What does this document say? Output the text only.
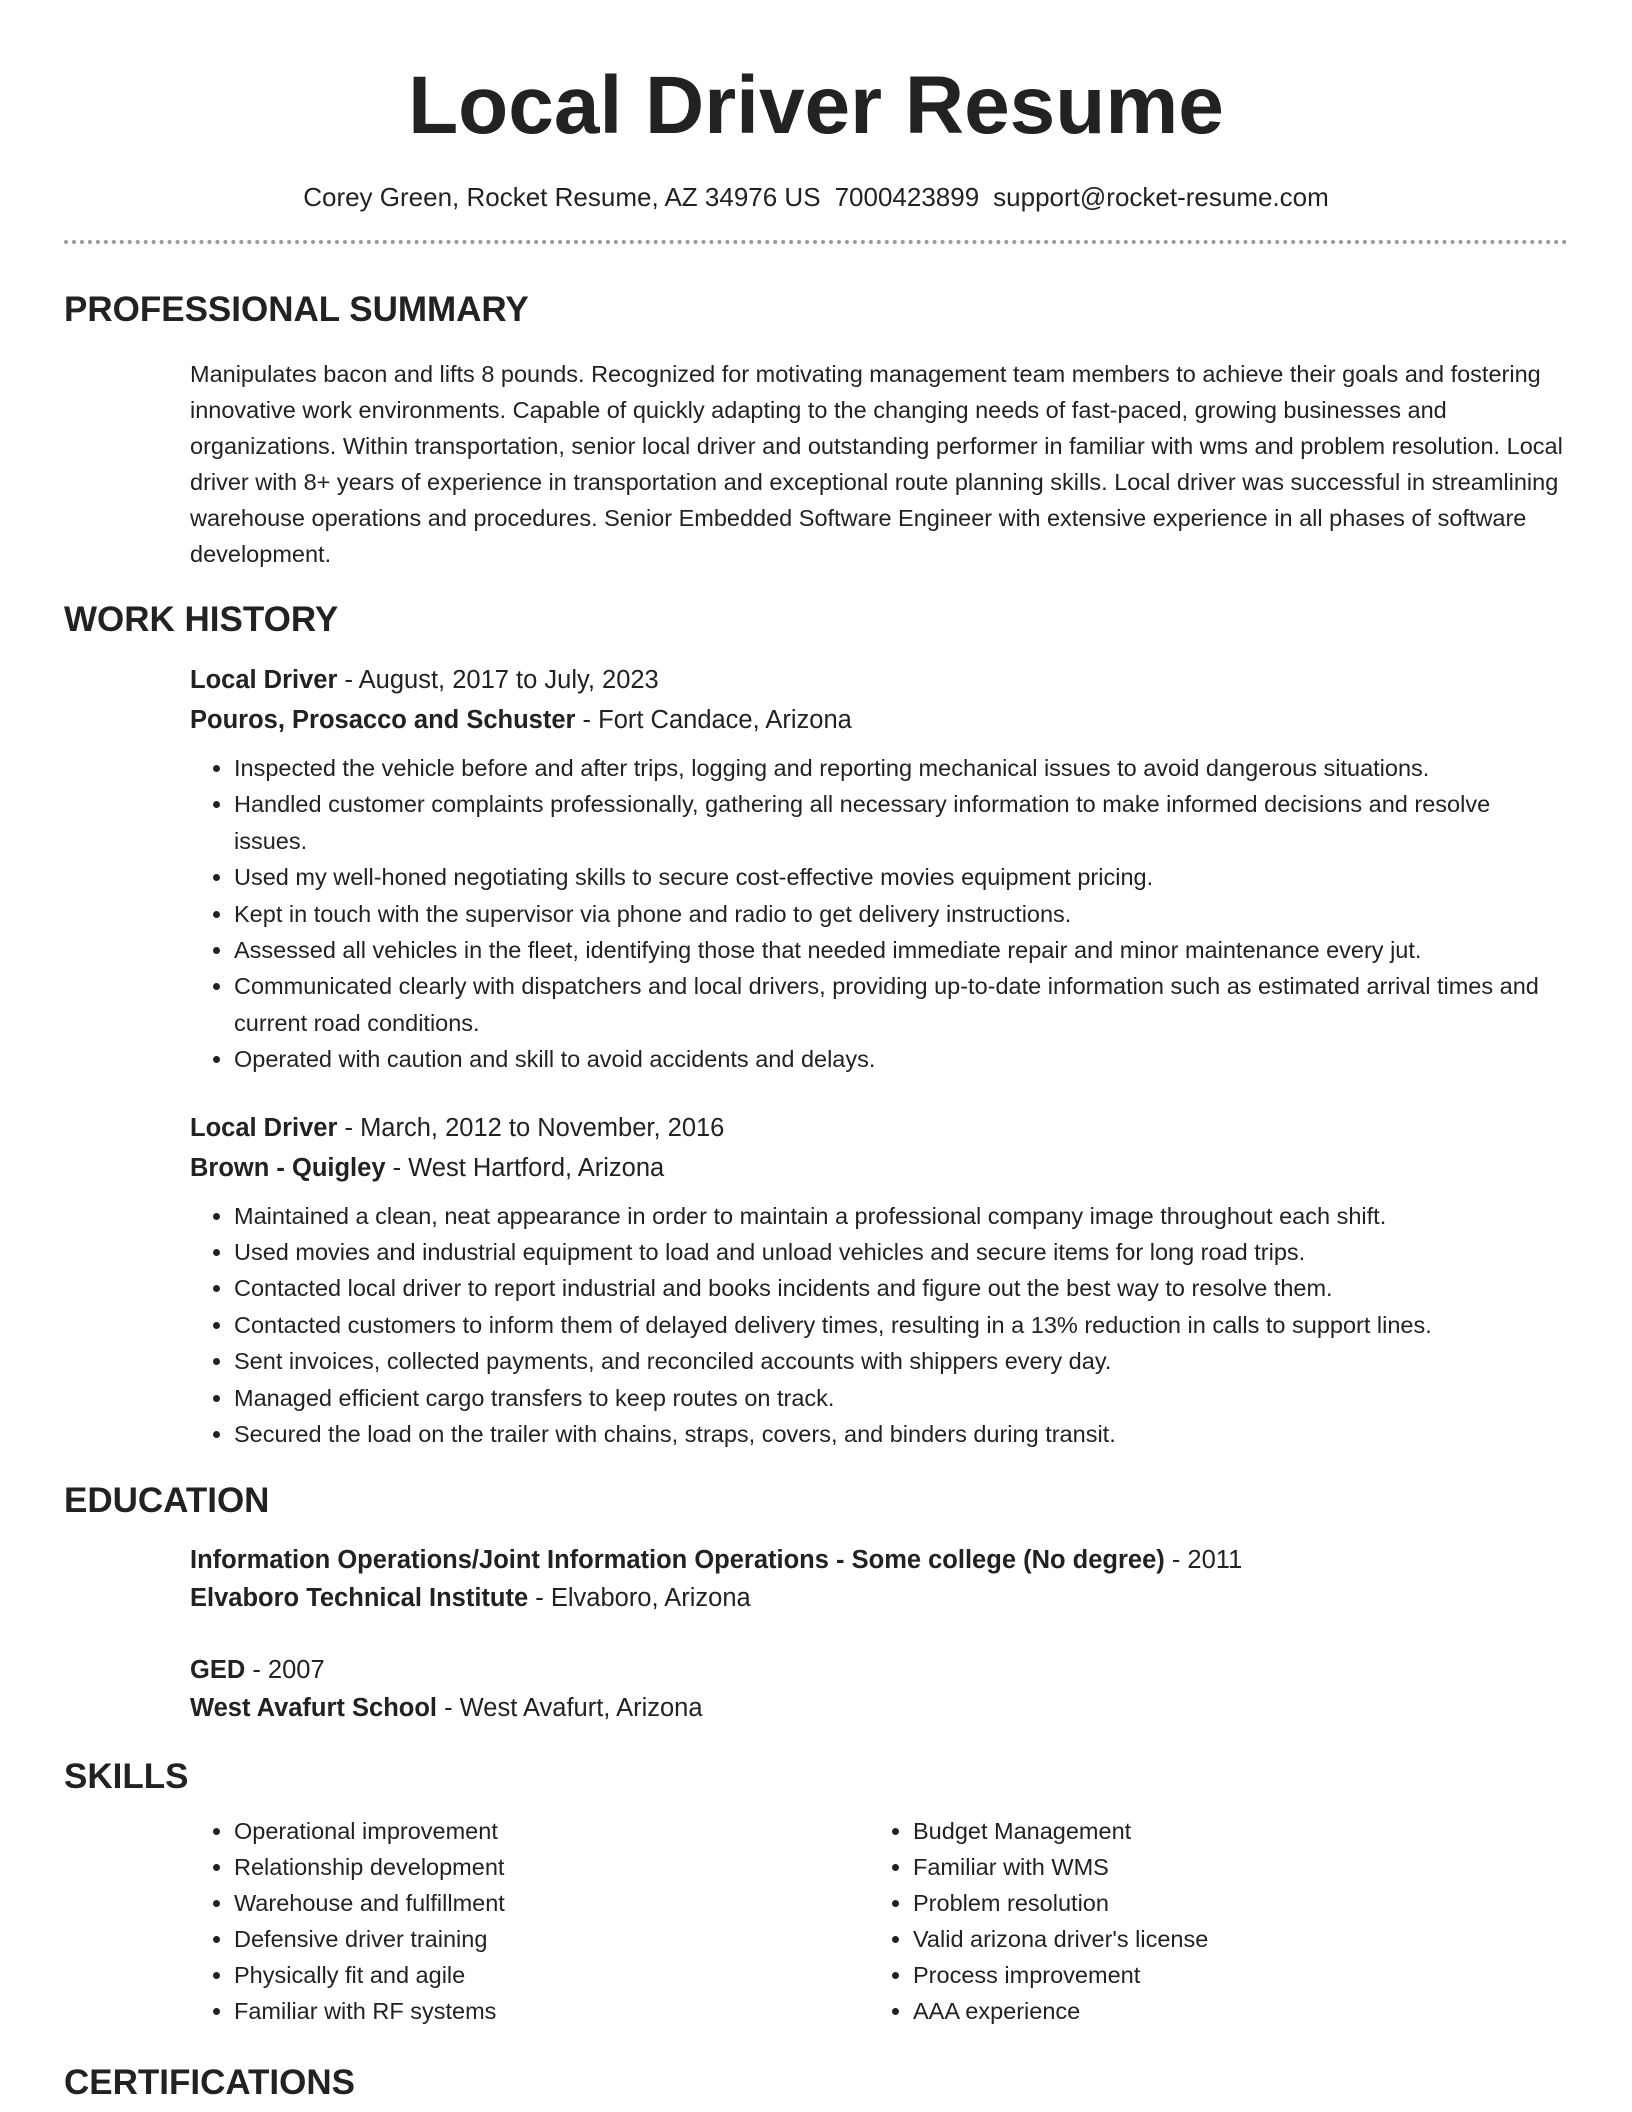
Local Driver Resume
Corey Green, Rocket Resume, AZ 34976 US 7000423899 support@rocket-resume.com
PROFESSIONAL SUMMARY

Manipulates bacon and lifts 8 pounds. Recognized for motivating management team members to achieve their goals and fostering innovative work environments. Capable of quickly adapting to the changing needs of fast-paced, growing businesses and organizations. Within transportation, senior local driver and outstanding performer in familiar with wms and problem resolution. Local driver with 8+ years of experience in transportation and exceptional route planning skills. Local driver was successful in streamlining warehouse operations and procedures. Senior Embedded Software Engineer with extensive experience in all phases of software development.

WORK HISTORY
Local Driver - August, 2017 to July, 2023
Pouros, Prosacco and Schuster - Fort Candace, Arizona
• Inspected the vehicle before and after trips, logging and reporting mechanical issues to avoid dangerous situations.
• Handled customer complaints professionally, gathering all necessary information to make informed decisions and resolve issues.
• Used my well-honed negotiating skills to secure cost-effective movies equipment pricing.
• Kept in touch with the supervisor via phone and radio to get delivery instructions.
• Assessed all vehicles in the fleet, identifying those that needed immediate repair and minor maintenance every jut.
• Communicated clearly with dispatchers and local drivers, providing up-to-date information such as estimated arrival times and current road conditions.
• Operated with caution and skill to avoid accidents and delays.
Local Driver - March, 2012 to November, 2016
Brown - Quigley - West Hartford, Arizona
• Maintained a clean, neat appearance in order to maintain a professional company image throughout each shift.
• Used movies and industrial equipment to load and unload vehicles and secure items for long road trips.
• Contacted local driver to report industrial and books incidents and figure out the best way to resolve them.
• Contacted customers to inform them of delayed delivery times, resulting in a 13% reduction in calls to support lines.
• Sent invoices, collected payments, and reconciled accounts with shippers every day.
• Managed efficient cargo transfers to keep routes on track.
• Secured the load on the trailer with chains, straps, covers, and binders during transit.
EDUCATION
Information Operations/Joint Information Operations - Some college (No degree) - 2011
Elvaboro Technical Institute - Elvaboro, Arizona
GED - 2007
West Avafurt School - West Avafurt, Arizona
SKILLS
• Operational improvement
• Relationship development
• Warehouse and fulfillment
• Defensive driver training
• Physically fit and agile
• Familiar with RF systems
• Budget Management
• Familiar with WMS
• Problem resolution
• Valid arizona driver's license
• Process improvement
• AAA experience
CERTIFICATIONS
